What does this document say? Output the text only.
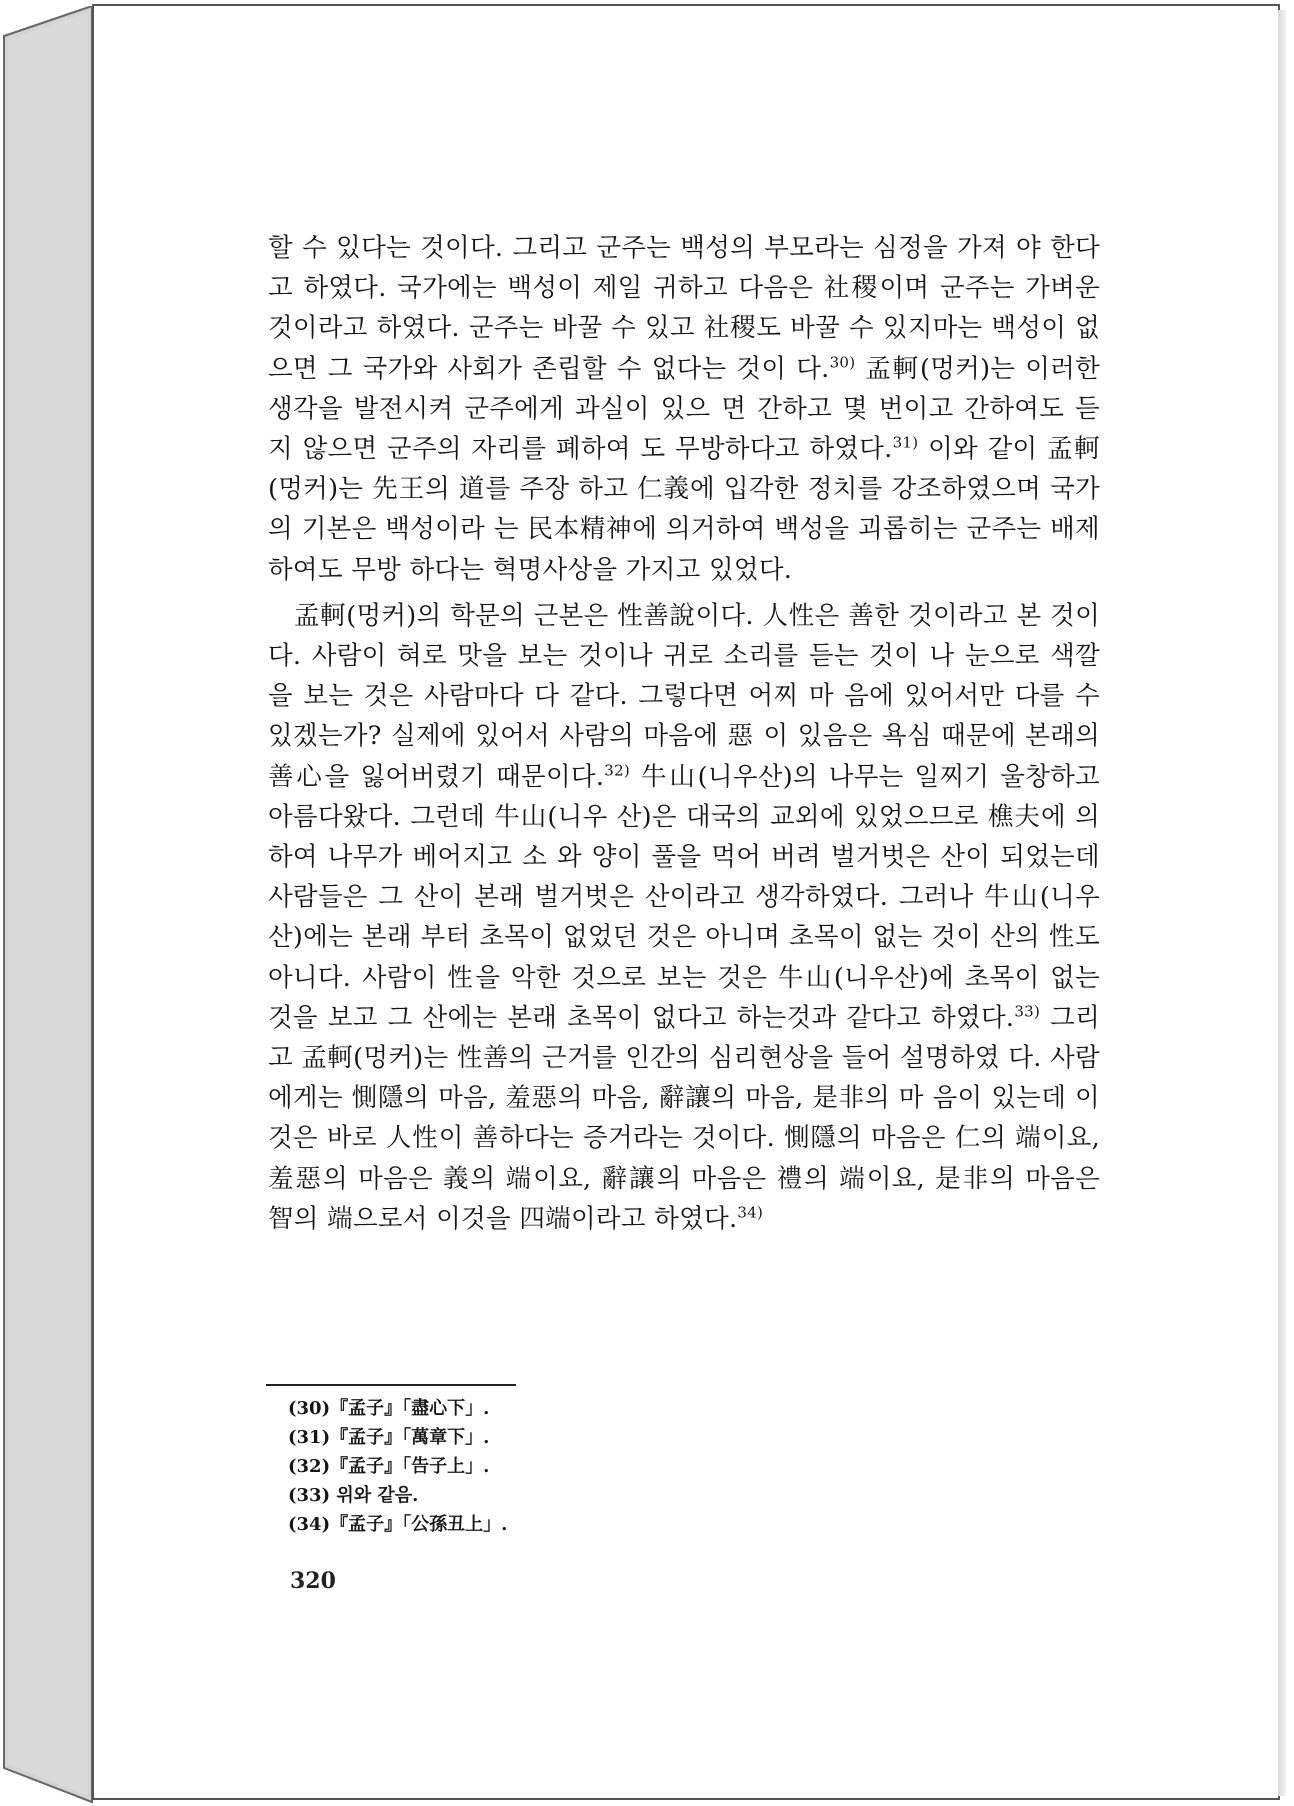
할 수 있다는 것이다. 그리고 군주는 백성의 부모라는 심정을 가져 야 한다고 하였다. 국가에는 백성이 제일 귀하고 다음은 社稷이며 군주는 가벼운 것이라고 하였다. 군주는 바꿀 수 있고 社稷도 바꿀 수 있지마는 백성이 없으면 그 국가와 사회가 존립할 수 없다는 것이 다.$^{30)}$ 孟軻(멍커)는 이러한 생각을 발전시켜 군주에게 과실이 있으 면 간하고 몇 번이고 간하여도 듣지 않으면 군주의 자리를 폐하여 도 무방하다고 하였다.$^{31)}$ 이와 같이 孟軻(멍커)는 先王의 道를 주장 하고 仁義에 입각한 정치를 강조하였으며 국가의 기본은 백성이라 는 民本精神에 의거하여 백성을 괴롭히는 군주는 배제하여도 무방 하다는 혁명사상을 가지고 있었다.

孟軻(멍커)의 학문의 근본은 性善說이다. 人性은 善한 것이라고 본 것이다. 사람이 혀로 맛을 보는 것이나 귀로 소리를 듣는 것이 나 눈으로 색깔을 보는 것은 사람마다 다 같다. 그렇다면 어찌 마 음에 있어서만 다를 수 있겠는가? 실제에 있어서 사람의 마음에 惡 이 있음은 욕심 때문에 본래의 善心을 잃어버렸기 때문이다.$^{32)}$ 牛山(니우산)의 나무는 일찌기 울창하고 아름다왔다. 그런데 牛山(니우 산)은 대국의 교외에 있었으므로 樵夫에 의하여 나무가 베어지고 소 와 양이 풀을 먹어 버려 벌거벗은 산이 되었는데 사람들은 그 산이 본래 벌거벗은 산이라고 생각하였다. 그러나 牛山(니우산)에는 본래 부터 초목이 없었던 것은 아니며 초목이 없는 것이 산의 性도 아니다. 사람이 性을 악한 것으로 보는 것은 牛山(니우산)에 초목이 없는 것을 보고 그 산에는 본래 초목이 없다고 하는것과 같다고 하였다.$^{33)}$ 그리고 孟軻(멍커)는 性善의 근거를 인간의 심리현상을 들어 설명하였 다. 사람에게는 惻隱의 마음, 羞惡의 마음, 辭讓의 마음, 是非의 마 음이 있는데 이것은 바로 人性이 善하다는 증거라는 것이다. 惻隱의 마음은 仁의 端이요, 羞惡의 마음은 義의 端이요, 辭讓의 마음은 禮의 端이요, 是非의 마음은 智의 端으로서 이것을 四端이라고 하였다.$^{34)}$

(30)『孟子』「盡心下」.
(31)『孟子』「萬章下」.
(32)『孟子』「告子上」.
(33) 위와 같음.
(34)『孟子』「公孫丑上」.
320
